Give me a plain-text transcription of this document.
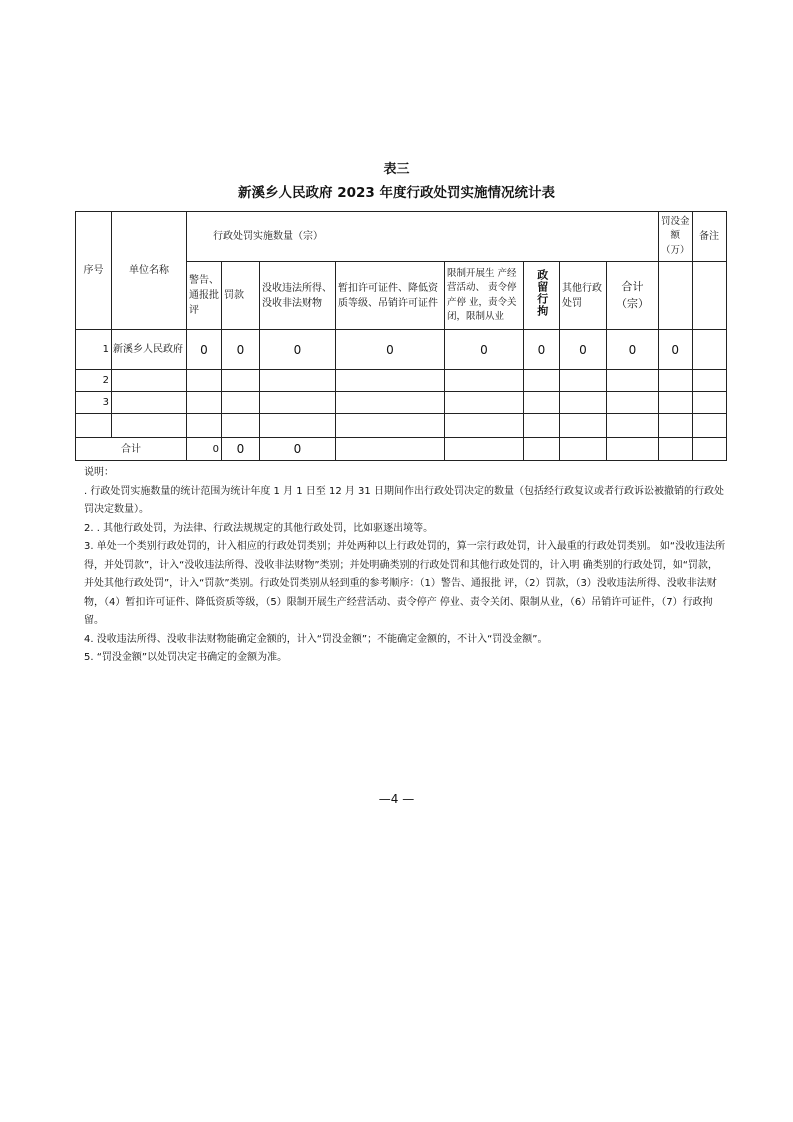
表三
新溪乡人民政府 2023 年度行政处罚实施情况统计表
序号	单位名称	行政处罚实施数量（宗）								罚没金 额（万）	备注
		警告、通报批评	罚款	没收违法所得、没收非法财物	暂扣许可证件、降低资质等级、吊销许可证件	限制开展生 产经营活动、 责令停产停 业，责令关闭，限制从业	政留行拘	其他行政处罚	合计（宗）		

1	新溪乡人民政府	0	0	0	0	0	0	0	0	0	
2											
3											

合计		0	0	0							

说明：

. 行政处罚实施数量的统计范围为统计年度 1 月 1 日至 12 月 31 日期间作出行政处罚决定的数量（包括经行政复议或者行政诉讼被撤销的行政处罚决定数量）。

2. . 其他行政处罚，为法律、行政法规规定的其他行政处罚，比如驱逐出境等。

3. 单处一个类别行政处罚的，计入相应的行政处罚类别；并处两种以上行政处罚的，算一宗行政处罚，计入最重的行政处罚类别。 如“没收违法所得，并处罚款”，计入“没收违法所得、没收非法财物”类别；并处明确类别的行政处罚和其他行政处罚的，计入明 确类别的行政处罚，如“罚款，并处其他行政处罚”，计入“罚款”类别。行政处罚类别从轻到重的参考顺序：（1）警告、通报批 评，（2）罚款，（3）没收违法所得、没收非法财物，（4）暂扣许可证件、降低资质等级，（5）限制开展生产经营活动、责令停产 停业、责令关闭、限制从业，（6）吊销许可证件，（7）行政拘留。

4. 没收违法所得、没收非法财物能确定金额的，计入“罚没金额”；不能确定金额的，不计入“罚没金额”。

5. “罚没金额”以处罚决定书确定的金额为准。

—4 —
